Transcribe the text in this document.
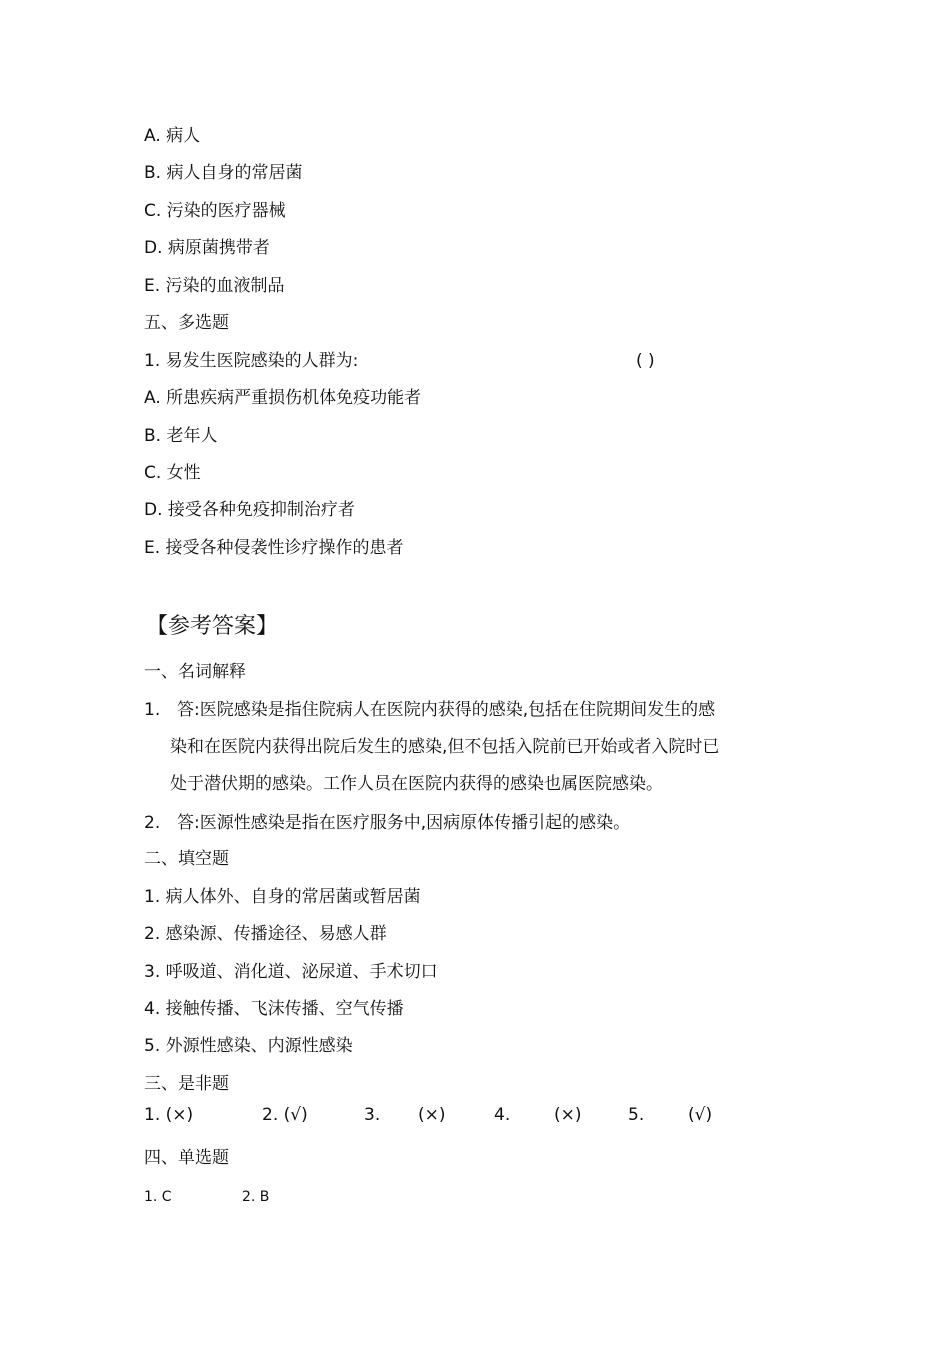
A. 病人
B. 病人自身的常居菌
C. 污染的医疗器械
D. 病原菌携带者
E. 污染的血液制品
五、多选题
1. 易发生医院感染的人群为:	( )
A. 所患疾病严重损伤机体免疫功能者
B. 老年人
C. 女性
D. 接受各种免疫抑制治疗者
E. 接受各种侵袭性诊疗操作的患者
【参考答案】
一、名词解释
1. 答:医院感染是指住院病人在医院内获得的感染,包括在住院期间发生的感
染和在医院内获得出院后发生的感染,但不包括入院前已开始或者入院时已
处于潜伏期的感染。工作人员在医院内获得的感染也属医院感染。
2. 答:医源性感染是指在医疗服务中,因病原体传播引起的感染。
二、填空题
1. 病人体外、自身的常居菌或暂居菌
2. 感染源、传播途径、易感人群
3. 呼吸道、消化道、泌尿道、手术切口
4. 接触传播、飞沫传播、空气传播
5. 外源性感染、内源性感染
三、是非题
1. (×)	2. (√)	3. (×)	4.	(×)	5.	(√)
四、单选题
1. C	2. B
